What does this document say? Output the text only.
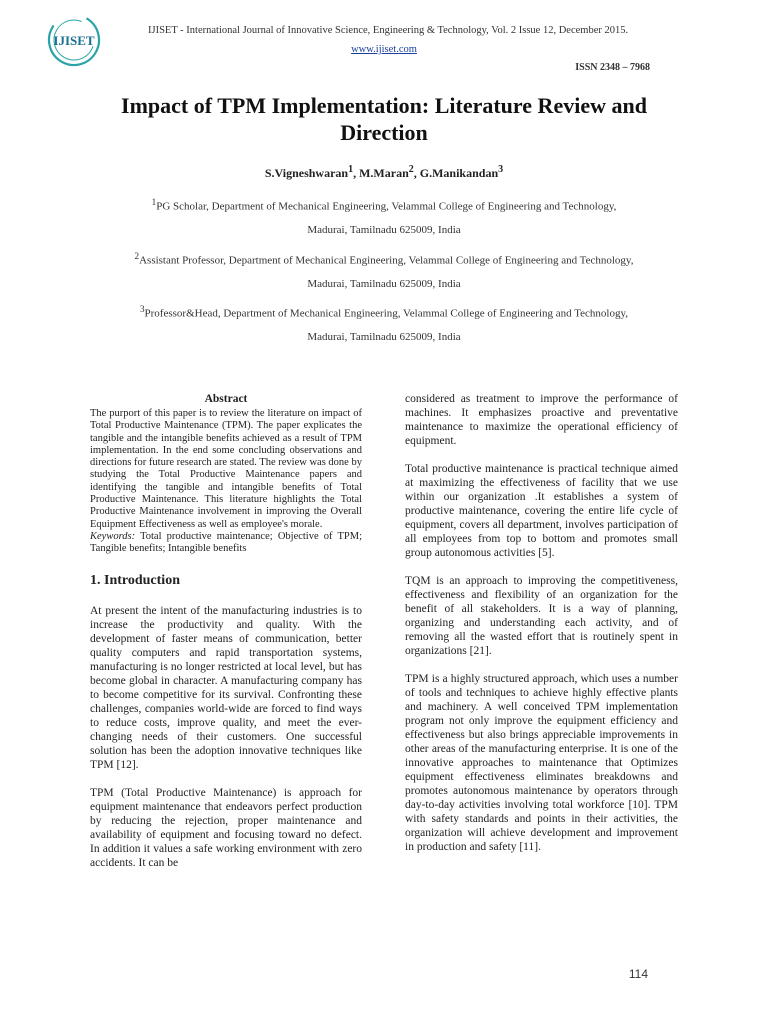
IJISET
IJISET - International Journal of Innovative Science, Engineering & Technology, Vol. 2 Issue 12, December 2015.
www.ijiset.com
ISSN 2348 – 7968
Impact of TPM Implementation: Literature Review and Direction
S.Vigneshwaran$^1$, M.Maran$^2$, G.Manikandan$^3$
$^1$PG Scholar, Department of Mechanical Engineering, Velammal College of Engineering and Technology,
Madurai, Tamilnadu 625009, India
$^2$Assistant Professor, Department of Mechanical Engineering, Velammal College of Engineering and Technology,
Madurai, Tamilnadu 625009, India
$^3$Professor&Head, Department of Mechanical Engineering, Velammal College of Engineering and Technology,
Madurai, Tamilnadu 625009, India
Abstract

The purport of this paper is to review the literature on impact of Total Productive Maintenance (TPM). The paper explicates the tangible and the intangible benefits achieved as a result of TPM implementation. In the end some concluding observations and directions for future research are stated. The review was done by studying the Total Productive Maintenance papers and identifying the tangible and intangible benefits of Total Productive Maintenance. This literature highlights the Total Productive Maintenance involvement in improving the Overall Equipment Effectiveness as well as employee's morale.

Keywords: Total productive maintenance; Objective of TPM; Tangible benefits; Intangible benefits

1. Introduction

At present the intent of the manufacturing industries is to increase the productivity and quality. With the development of faster means of communication, better quality computers and rapid transportation systems, manufacturing is no longer restricted at local level, but has become global in character. A manufacturing company has to become competitive for its survival. Confronting these challenges, companies world-wide are forced to find ways to reduce costs, improve quality, and meet the ever-changing needs of their customers. One successful solution has been the adoption innovative techniques like TPM [12].

TPM (Total Productive Maintenance) is approach for equipment maintenance that endeavors perfect production by reducing the rejection, proper maintenance and availability of equipment and focusing toward no defect. In addition it values a safe working environment with zero accidents. It can be

considered as treatment to improve the performance of machines. It emphasizes proactive and preventative maintenance to maximize the operational efficiency of equipment.

Total productive maintenance is practical technique aimed at maximizing the effectiveness of facility that we use within our organization .It establishes a system of productive maintenance, covering the entire life cycle of equipment, covers all department, involves participation of all employees from top to bottom and promotes small group autonomous activities [5].

TQM is an approach to improving the competitiveness, effectiveness and flexibility of an organization for the benefit of all stakeholders. It is a way of planning, organizing and understanding each activity, and of removing all the wasted effort that is routinely spent in organizations [21].

TPM is a highly structured approach, which uses a number of tools and techniques to achieve highly effective plants and machinery. A well conceived TPM implementation program not only improve the equipment efficiency and effectiveness but also brings appreciable improvements in other areas of the manufacturing enterprise. It is one of the innovative approaches to maintenance that Optimizes equipment effectiveness eliminates breakdowns and promotes autonomous maintenance by operators through day-to-day activities involving total workforce [10]. TPM with safety standards and points in their activities, the organization will achieve development and improvement in production and safety [11].

114
